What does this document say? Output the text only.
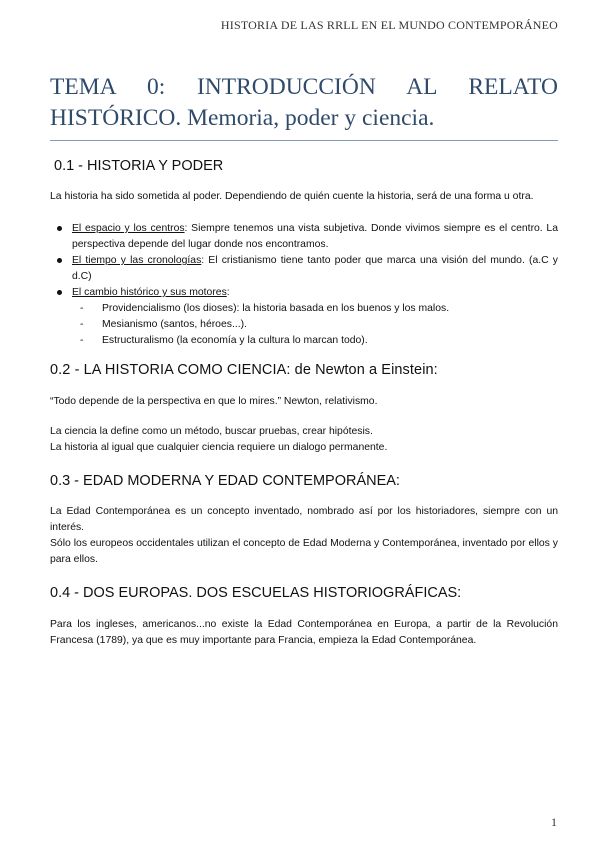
HISTORIA DE LAS RRLL EN EL MUNDO CONTEMPORÁNEO
TEMA 0: INTRODUCCIÓN AL RELATO
HISTÓRICO. Memoria, poder y ciencia.
0.1 - HISTORIA Y PODER

La historia ha sido sometida al poder. Dependiendo de quién cuente la historia, será de una forma u otra.

El espacio y los centros: Siempre tenemos una vista subjetiva. Donde vivimos siempre es el centro. La perspectiva depende del lugar donde nos encontramos.
El tiempo y las cronologías: El cristianismo tiene tanto poder que marca una visión del mundo. (a.C y d.C)
El cambio histórico y sus motores:
- Providencialismo (los dioses): la historia basada en los buenos y los malos.
- Mesianismo (santos, héroes...).
- Estructuralismo (la economía y la cultura lo marcan todo).
0.2 - LA HISTORIA COMO CIENCIA: de Newton a Einstein:

“Todo depende de la perspectiva en que lo mires.” Newton, relativismo.

La ciencia la define como un método, buscar pruebas, crear hipótesis.

La historia al igual que cualquier ciencia requiere un dialogo permanente.

0.3 - EDAD MODERNA Y EDAD CONTEMPORÁNEA:

La Edad Contemporánea es un concepto inventado, nombrado así por los historiadores, siempre con un interés.

Sólo los europeos occidentales utilizan el concepto de Edad Moderna y Contemporánea, inventado por ellos y para ellos.

0.4 - DOS EUROPAS. DOS ESCUELAS HISTORIOGRÁFICAS:

Para los ingleses, americanos...no existe la Edad Contemporánea en Europa, a partir de la Revolución Francesa (1789), ya que es muy importante para Francia, empieza la Edad Contemporánea.

1
